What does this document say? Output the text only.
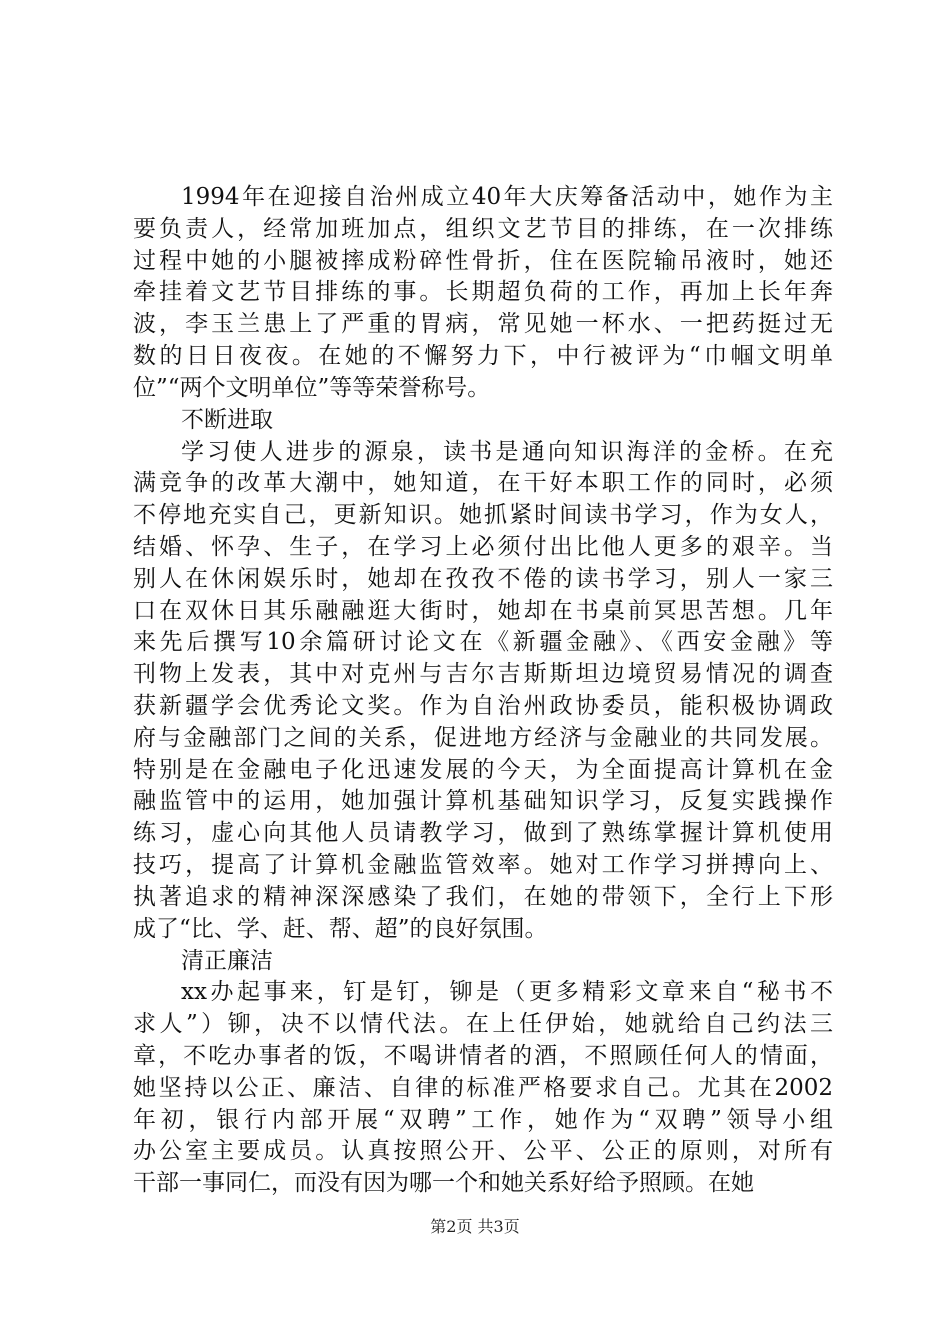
1994年在迎接自治州成立40年大庆筹备活动中，她作为主
要负责人，经常加班加点，组织文艺节目的排练，在一次排练
过程中她的小腿被摔成粉碎性骨折，住在医院输吊液时，她还
牵挂着文艺节目排练的事。长期超负荷的工作，再加上长年奔
波，李玉兰患上了严重的胃病，常见她一杯水、一把药挺过无
数的日日夜夜。在她的不懈努力下，中行被评为“巾帼文明单
位”“两个文明单位”等等荣誉称号。
不断进取
学习使人进步的源泉，读书是通向知识海洋的金桥。在充
满竞争的改革大潮中，她知道，在干好本职工作的同时，必须
不停地充实自己，更新知识。她抓紧时间读书学习，作为女人，
结婚、怀孕、生子，在学习上必须付出比他人更多的艰辛。当
别人在休闲娱乐时，她却在孜孜不倦的读书学习，别人一家三
口在双休日其乐融融逛大街时，她却在书桌前冥思苦想。几年
来先后撰写10余篇研讨论文在《新疆金融》、《西安金融》等
刊物上发表，其中对克州与吉尔吉斯斯坦边境贸易情况的调查
获新疆学会优秀论文奖。作为自治州政协委员，能积极协调政
府与金融部门之间的关系，促进地方经济与金融业的共同发展。
特别是在金融电子化迅速发展的今天，为全面提高计算机在金
融监管中的运用，她加强计算机基础知识学习，反复实践操作
练习，虚心向其他人员请教学习，做到了熟练掌握计算机使用
技巧，提高了计算机金融监管效率。她对工作学习拼搏向上、
执著追求的精神深深感染了我们，在她的带领下，全行上下形
成了“比、学、赶、帮、超”的良好氛围。
清正廉洁
第2页 共3页
xx办起事来，钉是钉，铆是（更多精彩文章来自“秘书不
求人”）铆，决不以情代法。在上任伊始，她就给自己约法三
章，不吃办事者的饭，不喝讲情者的酒，不照顾任何人的情面，
她坚持以公正、廉洁、自律的标准严格要求自己。尤其在2002
年初，银行内部开展“双聘”工作，她作为“双聘”领导小组
办公室主要成员。认真按照公开、公平、公正的原则，对所有
干部一事同仁，而没有因为哪一个和她关系好给予照顾。在她
